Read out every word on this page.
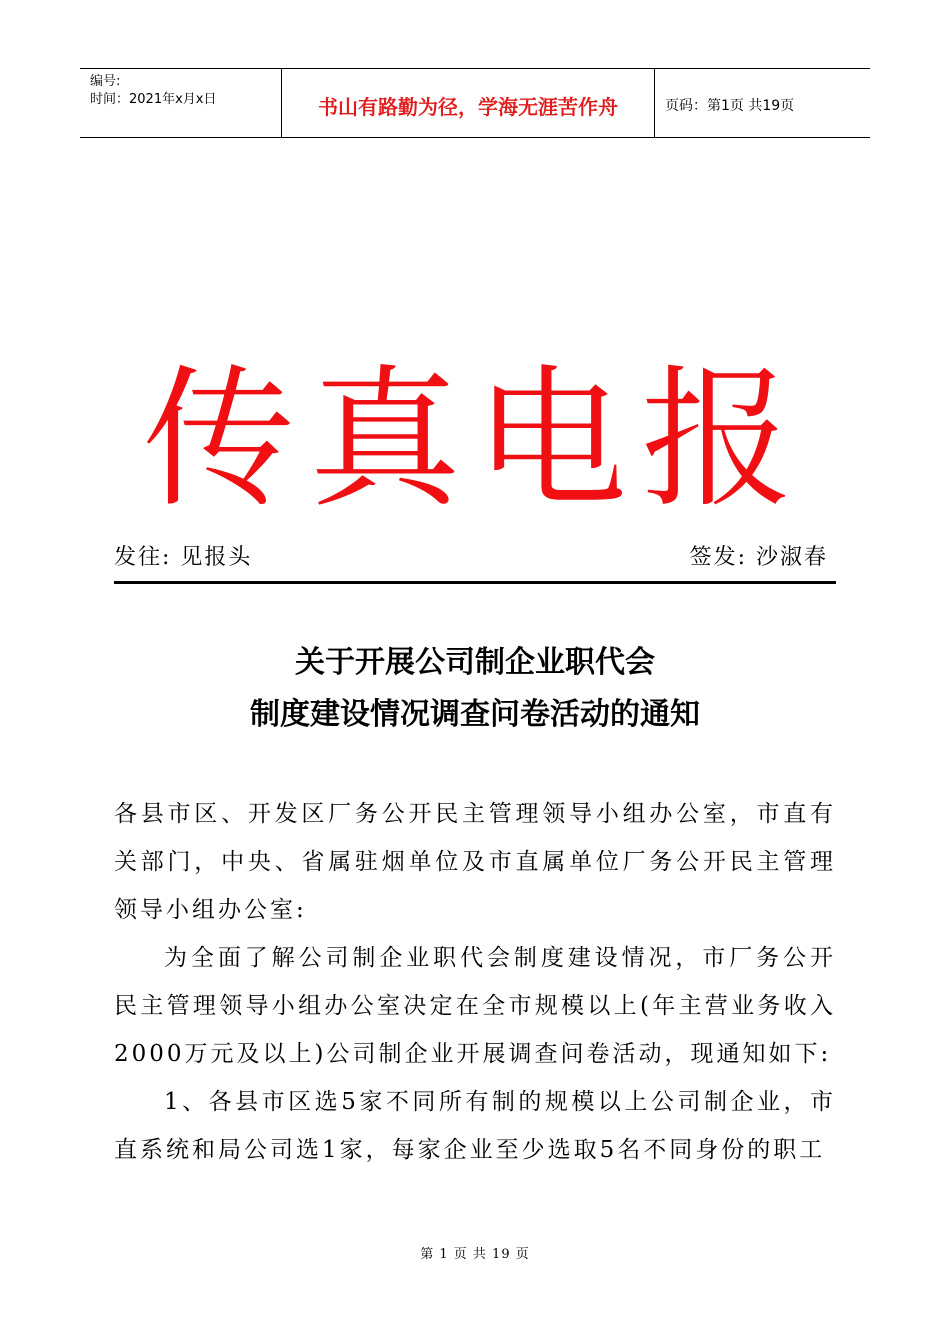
编号:
时间：2021年x月x日	书山有路勤为径，学海无涯苦作舟	页码：第1页 共19页
传真电报
发往: 见报头	签发: 沙淑春
关于开展公司制企业职代会
制度建设情况调查问卷活动的通知

各县市区、开发区厂务公开民主管理领导小组办公室，市直有关部门，中央、省属驻烟单位及市直属单位厂务公开民主管理领导小组办公室:

为全面了解公司制企业职代会制度建设情况，市厂务公开民主管理领导小组办公室决定在全市规模以上(年主营业务收入2000万元及以上)公司制企业开展调查问卷活动，现通知如下:

1、各县市区选5家不同所有制的规模以上公司制企业，市直系统和局公司选1家，每家企业至少选取5名不同身份的职工

第 1 页 共 19 页
